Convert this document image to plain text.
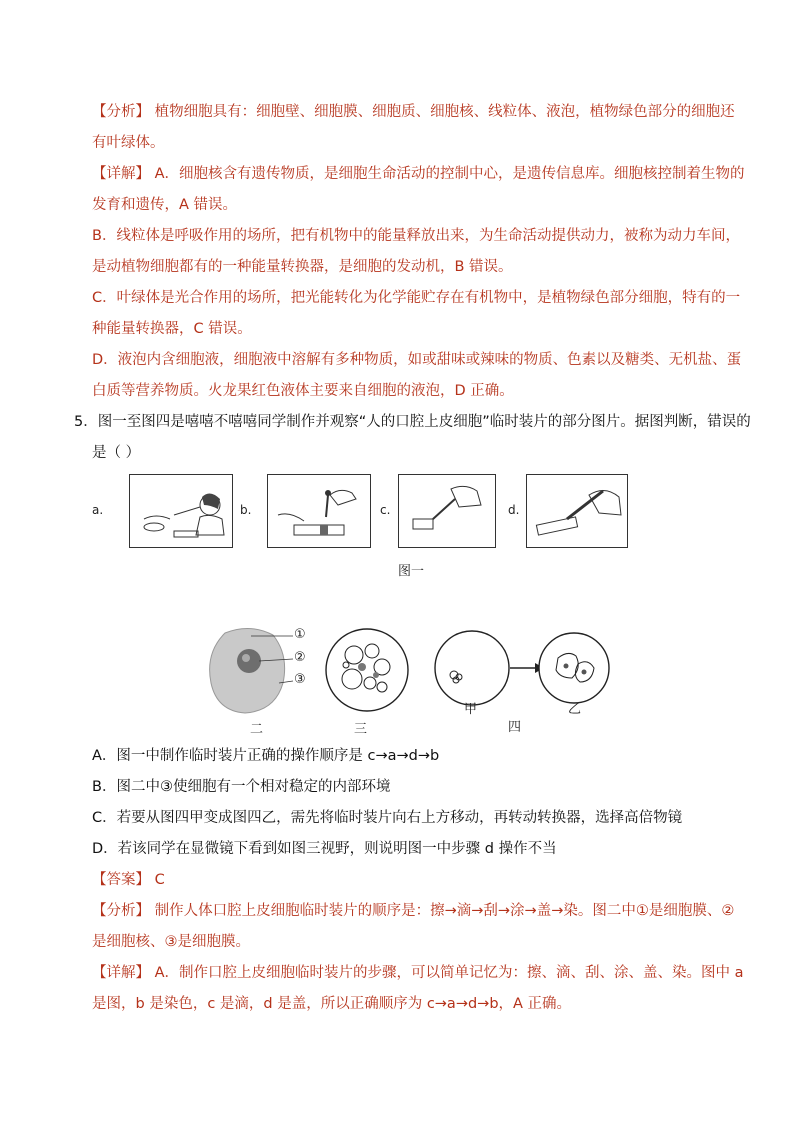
【分析】 植物细胞具有：细胞壁、细胞膜、细胞质、细胞核、线粒体、液泡，植物绿色部分的细胞还
有叶绿体。
【详解】 A．细胞核含有遗传物质，是细胞生命活动的控制中心，是遗传信息库。细胞核控制着生物的
发育和遗传，A 错误。
B．线粒体是呼吸作用的场所，把有机物中的能量释放出来，为生命活动提供动力，被称为动力车间，
是动植物细胞都有的一种能量转换器，是细胞的发动机，B 错误。
C．叶绿体是光合作用的场所，把光能转化为化学能贮存在有机物中，是植物绿色部分细胞，特有的一
种能量转换器，C 错误。
D．液泡内含细胞液，细胞液中溶解有多种物质，如或甜味或辣味的物质、色素以及糖类、无机盐、蛋
白质等营养物质。火龙果红色液体主要来自细胞的液泡，D 正确。
5．图一至图四是嘻嘻不嘻嘻同学制作并观察“人的口腔上皮细胞”临时装片的部分图片。据图判断，错误的
是（ ）
a.	b.	c.	d.
图一
①
②
③
二	三
甲	乙
四
A．图一中制作临时装片正确的操作顺序是 c→a→d→b
B．图二中③使细胞有一个相对稳定的内部环境
C．若要从图四甲变成图四乙，需先将临时装片向右上方移动，再转动转换器，选择高倍物镜
D．若该同学在显微镜下看到如图三视野，则说明图一中步骤 d 操作不当
【答案】 C
【分析】 制作人体口腔上皮细胞临时装片的顺序是：擦→滴→刮→涂→盖→染。图二中①是细胞膜、②
是细胞核、③是细胞膜。
【详解】 A．制作口腔上皮细胞临时装片的步骤，可以简单记忆为：擦、滴、刮、涂、盖、染。图中 a
是图，b 是染色，c 是滴，d 是盖，所以正确顺序为 c→a→d→b，A 正确。
